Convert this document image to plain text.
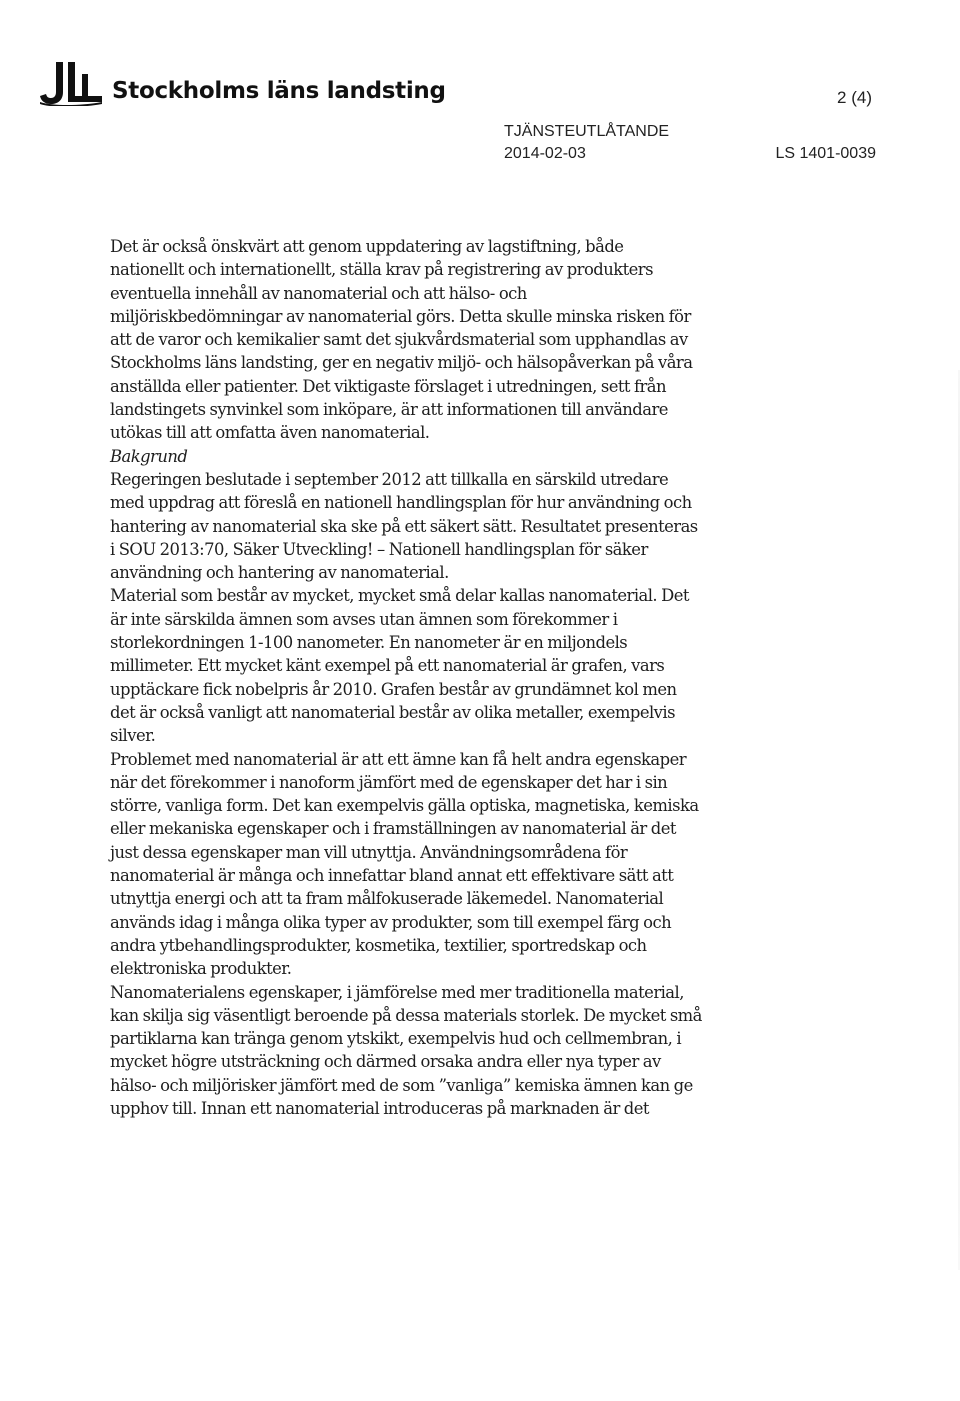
Stockholms läns landsting	2 (4)
TJÄNSTEUTLÅTANDE
2014-02-03	LS 1401-0039

Det är också önskvärt att genom uppdatering av lagstiftning, både
nationellt och internationellt, ställa krav på registrering av produkters
eventuella innehåll av nanomaterial och att hälso- och
miljöriskbedömningar av nanomaterial görs. Detta skulle minska risken för
att de varor och kemikalier samt det sjukvårdsmaterial som upphandlas av
Stockholms läns landsting, ger en negativ miljö- och hälsopåverkan på våra
anställda eller patienter. Det viktigaste förslaget i utredningen, sett från
landstingets synvinkel som inköpare, är att informationen till användare
utökas till att omfatta även nanomaterial.

Bakgrund
Regeringen beslutade i september 2012 att tillkalla en särskild utredare
med uppdrag att föreslå en nationell handlingsplan för hur användning och
hantering av nanomaterial ska ske på ett säkert sätt. Resultatet presenteras
i SOU 2013:70, Säker Utveckling! – Nationell handlingsplan för säker
användning och hantering av nanomaterial.

Material som består av mycket, mycket små delar kallas nanomaterial. Det
är inte särskilda ämnen som avses utan ämnen som förekommer i
storlekordningen 1-100 nanometer. En nanometer är en miljondels
millimeter. Ett mycket känt exempel på ett nanomaterial är grafen, vars
upptäckare fick nobelpris år 2010. Grafen består av grundämnet kol men
det är också vanligt att nanomaterial består av olika metaller, exempelvis
silver.

Problemet med nanomaterial är att ett ämne kan få helt andra egenskaper
när det förekommer i nanoform jämfört med de egenskaper det har i sin
större, vanliga form. Det kan exempelvis gälla optiska, magnetiska, kemiska
eller mekaniska egenskaper och i framställningen av nanomaterial är det
just dessa egenskaper man vill utnyttja. Användningsområdena för
nanomaterial är många och innefattar bland annat ett effektivare sätt att
utnyttja energi och att ta fram målfokuserade läkemedel. Nanomaterial
används idag i många olika typer av produkter, som till exempel färg och
andra ytbehandlingsprodukter, kosmetika, textilier, sportredskap och
elektroniska produkter.

Nanomaterialens egenskaper, i jämförelse med mer traditionella material,
kan skilja sig väsentligt beroende på dessa materials storlek. De mycket små
partiklarna kan tränga genom ytskikt, exempelvis hud och cellmembran, i
mycket högre utsträckning och därmed orsaka andra eller nya typer av
hälso- och miljörisker jämfört med de som ”vanliga” kemiska ämnen kan ge
upphov till. Innan ett nanomaterial introduceras på marknaden är det
